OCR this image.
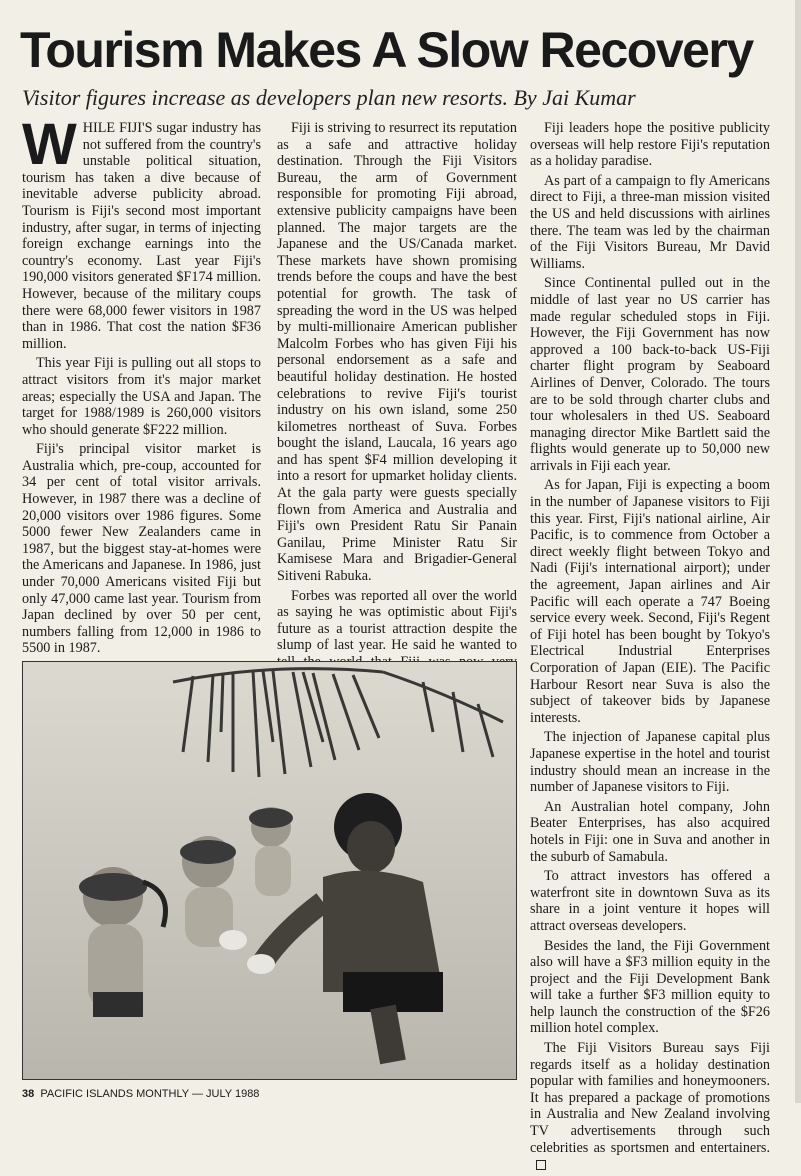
Tourism Makes A Slow Recovery
Visitor figures increase as developers plan new resorts. By Jai Kumar

WHILE FIJI'S sugar industry has not suffered from the country's unstable political situation, tourism has taken a dive because of inevitable adverse publicity abroad. Tourism is Fiji's second most important industry, after sugar, in terms of injecting foreign exchange earnings into the country's economy. Last year Fiji's 190,000 visitors generated $F174 million. However, because of the military coups there were 68,000 fewer visitors in 1987 than in 1986. That cost the nation $F36 million.

This year Fiji is pulling out all stops to attract visitors from it's major market areas; especially the USA and Japan. The target for 1988/1989 is 260,000 visitors who should generate $F222 million.

Fiji's principal visitor market is Australia which, pre-coup, accounted for 34 per cent of total visitor arrivals. However, in 1987 there was a decline of 20,000 visitors over 1986 figures. Some 5000 fewer New Zealanders came in 1987, but the biggest stay-at-homes were the Americans and Japanese. In 1986, just under 70,000 Americans visited Fiji but only 47,000 came last year. Tourism from Japan declined by over 50 per cent, numbers falling from 12,000 in 1986 to 5500 in 1987.

Fiji is striving to resurrect its reputation as a safe and attractive holiday destination. Through the Fiji Visitors Bureau, the arm of Government responsible for promoting Fiji abroad, extensive publicity campaigns have been planned. The major targets are the Japanese and the US/Canada market. These markets have shown promising trends before the coups and have the best potential for growth. The task of spreading the word in the US was helped by multi-millionaire American publisher Malcolm Forbes who has given Fiji his personal endorsement as a safe and beautiful holiday destination. He hosted celebrations to revive Fiji's tourist industry on his own island, some 250 kilometres northeast of Suva. Forbes bought the island, Laucala, 16 years ago and has spent $F4 million developing it into a resort for upmarket holiday clients. At the gala party were guests specially flown from America and Australia and Fiji's own President Ratu Sir Panain Ganilau, Prime Minister Ratu Sir Kamisese Mara and Brigadier-General Sitiveni Rabuka.

Forbes was reported all over the world as saying he was optimistic about Fiji's future as a tourist attraction despite the slump of last year. He said he wanted to

Fiji leaders hope the positive publicity overseas will help restore Fiji's reputation as a holiday paradise.

As part of a campaign to fly Americans direct to Fiji, a three-man mission visited the US and held discussions with airlines there. The team was led by the chairman of the Fiji Visitors Bureau, Mr David Williams.

Since Continental pulled out in the middle of last year no US carrier has made regular scheduled stops in Fiji. However, the Fiji Government has now approved a 100 back-to-back US-Fiji charter flight program by Seaboard Airlines of Denver, Colorado. The tours are to be sold through charter clubs and tour wholesalers in thed US. Seaboard managing director Mike Bartlett said the flights would generate up to 50,000 new arrivals in Fiji each year.

As for Japan, Fiji is expecting a boom in the number of Japanese visitors to Fiji this year. First, Fiji's national airline, Air Pacific, is to commence from October a direct weekly flight between Tokyo and Nadi (Fiji's international airport); under the agreement, Japan airlines and Air Pacific will each operate a 747 Boeing service every week. Second, Fiji's Regent of Fiji hotel has been bought by Tokyo's Electrical Industrial Enterprises Corporation of Japan (EIE). The Pacific Harbour Resort near Suva is also the subject of takeover bids by Japanese interests.

The injection of Japanese capital plus Japanese expertise in the hotel and tourist industry should mean an increase in the number of Japanese visitors to Fiji.

An Australian hotel company, John Beater Enterprises, has also acquired hotels in Fiji: one in Suva and another in the suburb of Samabula.

To attract investors has offered a waterfront site in downtown Suva as its share in a joint venture it hopes will attract overseas developers.

Besides the land, the Fiji Government also will have a $F3 million equity in the project and the Fiji Development Bank will take a further $F3 million equity to help launch the construction of the $F26 million hotel complex.

The Fiji Visitors Bureau says Fiji regards itself as a holiday destination popular with families and honeymooners. It has prepared a package of promotions in Australia and New Zealand involving TV advertisements through such celebrities as sportsmen and entertainers.

38 PACIFIC ISLANDS MONTHLY — JULY 1988
